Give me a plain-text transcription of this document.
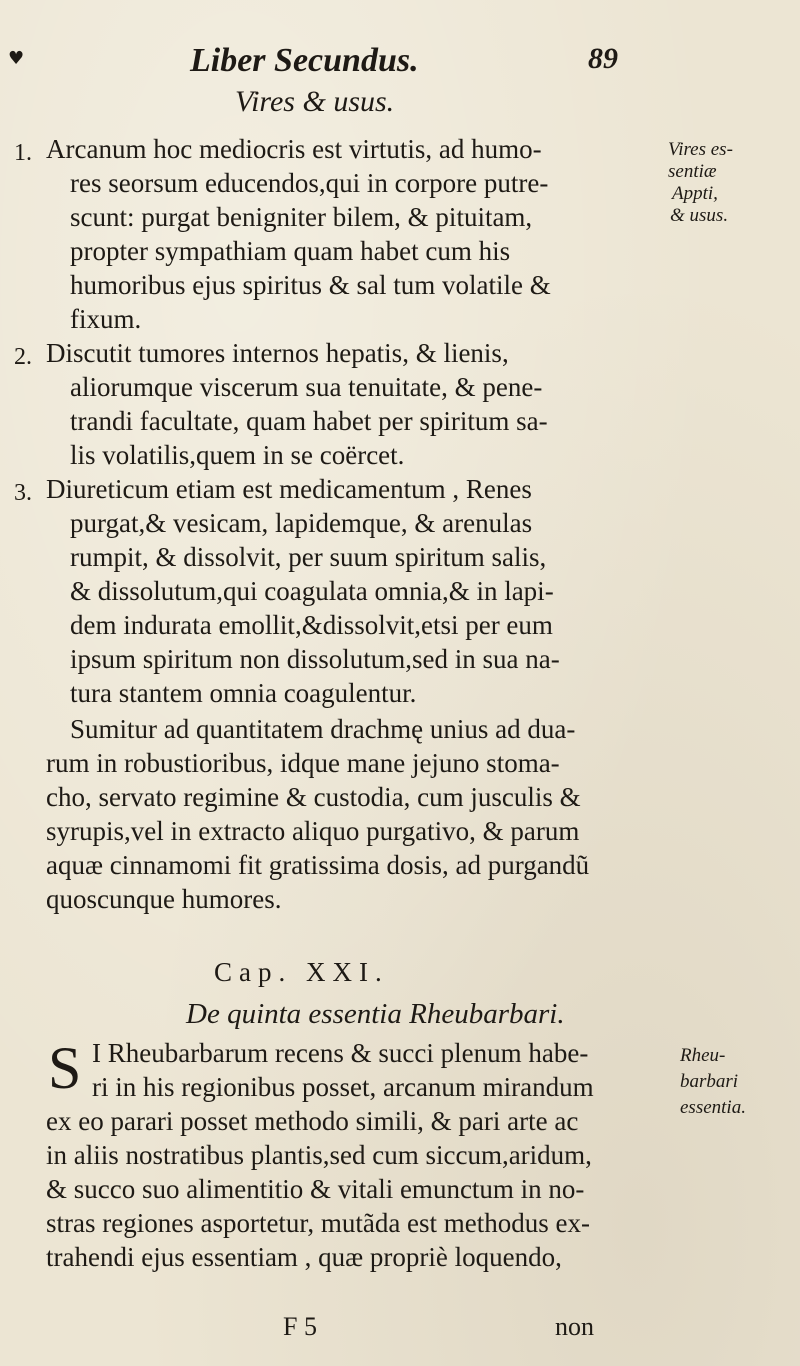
♥	Liber Secundus.	89
Vires & usus.
1. Arcanum hoc mediocris est virtutis, ad humo-
res seorsum educendos,qui in corpore putre-
scunt: purgat benigniter bilem, & pituitam,
propter sympathiam quam habet cum his
humoribus ejus spiritus & sal tum volatile &
fixum.
Vires es-
sentiæ
Appti,
& usus.
2. Discutit tumores internos hepatis, & lienis,
aliorumque viscerum sua tenuitate, & pene-
trandi facultate, quam habet per spiritum sa-
lis volatilis,quem in se coërcet.
3. Diureticum etiam est medicamentum , Renes
purgat,& vesicam, lapidemque, & arenulas
rumpit, & dissolvit, per suum spiritum salis,
& dissolutum,qui coagulata omnia,& in lapi-
dem indurata emollit,&dissolvit,etsi per eum
ipsum spiritum non dissolutum,sed in sua na-
tura stantem omnia coagulentur.
Sumitur ad quantitatem drachmę unius ad dua-
rum in robustioribus, idque mane jejuno stoma-
cho, servato regimine & custodia, cum jusculis &
syrupis,vel in extracto aliquo purgativo, & parum
aquæ cinnamomi fit gratissima dosis, ad purgandũ
quoscunque humores.
Cap. XXI.
De quinta essentia Rheubarbari.
S I Rheubarbarum recens & succi plenum habe-
ri in his regionibus posset, arcanum mirandum
ex eo parari posset methodo simili, & pari arte ac
in aliis nostratibus plantis,sed cum siccum,aridum,
& succo suo alimentitio & vitali emunctum in no-
stras regiones asportetur, mutãda est methodus ex-
trahendi ejus essentiam , quæ propriè loquendo,
Rheu-
barbari
essentia.
F 5	non
